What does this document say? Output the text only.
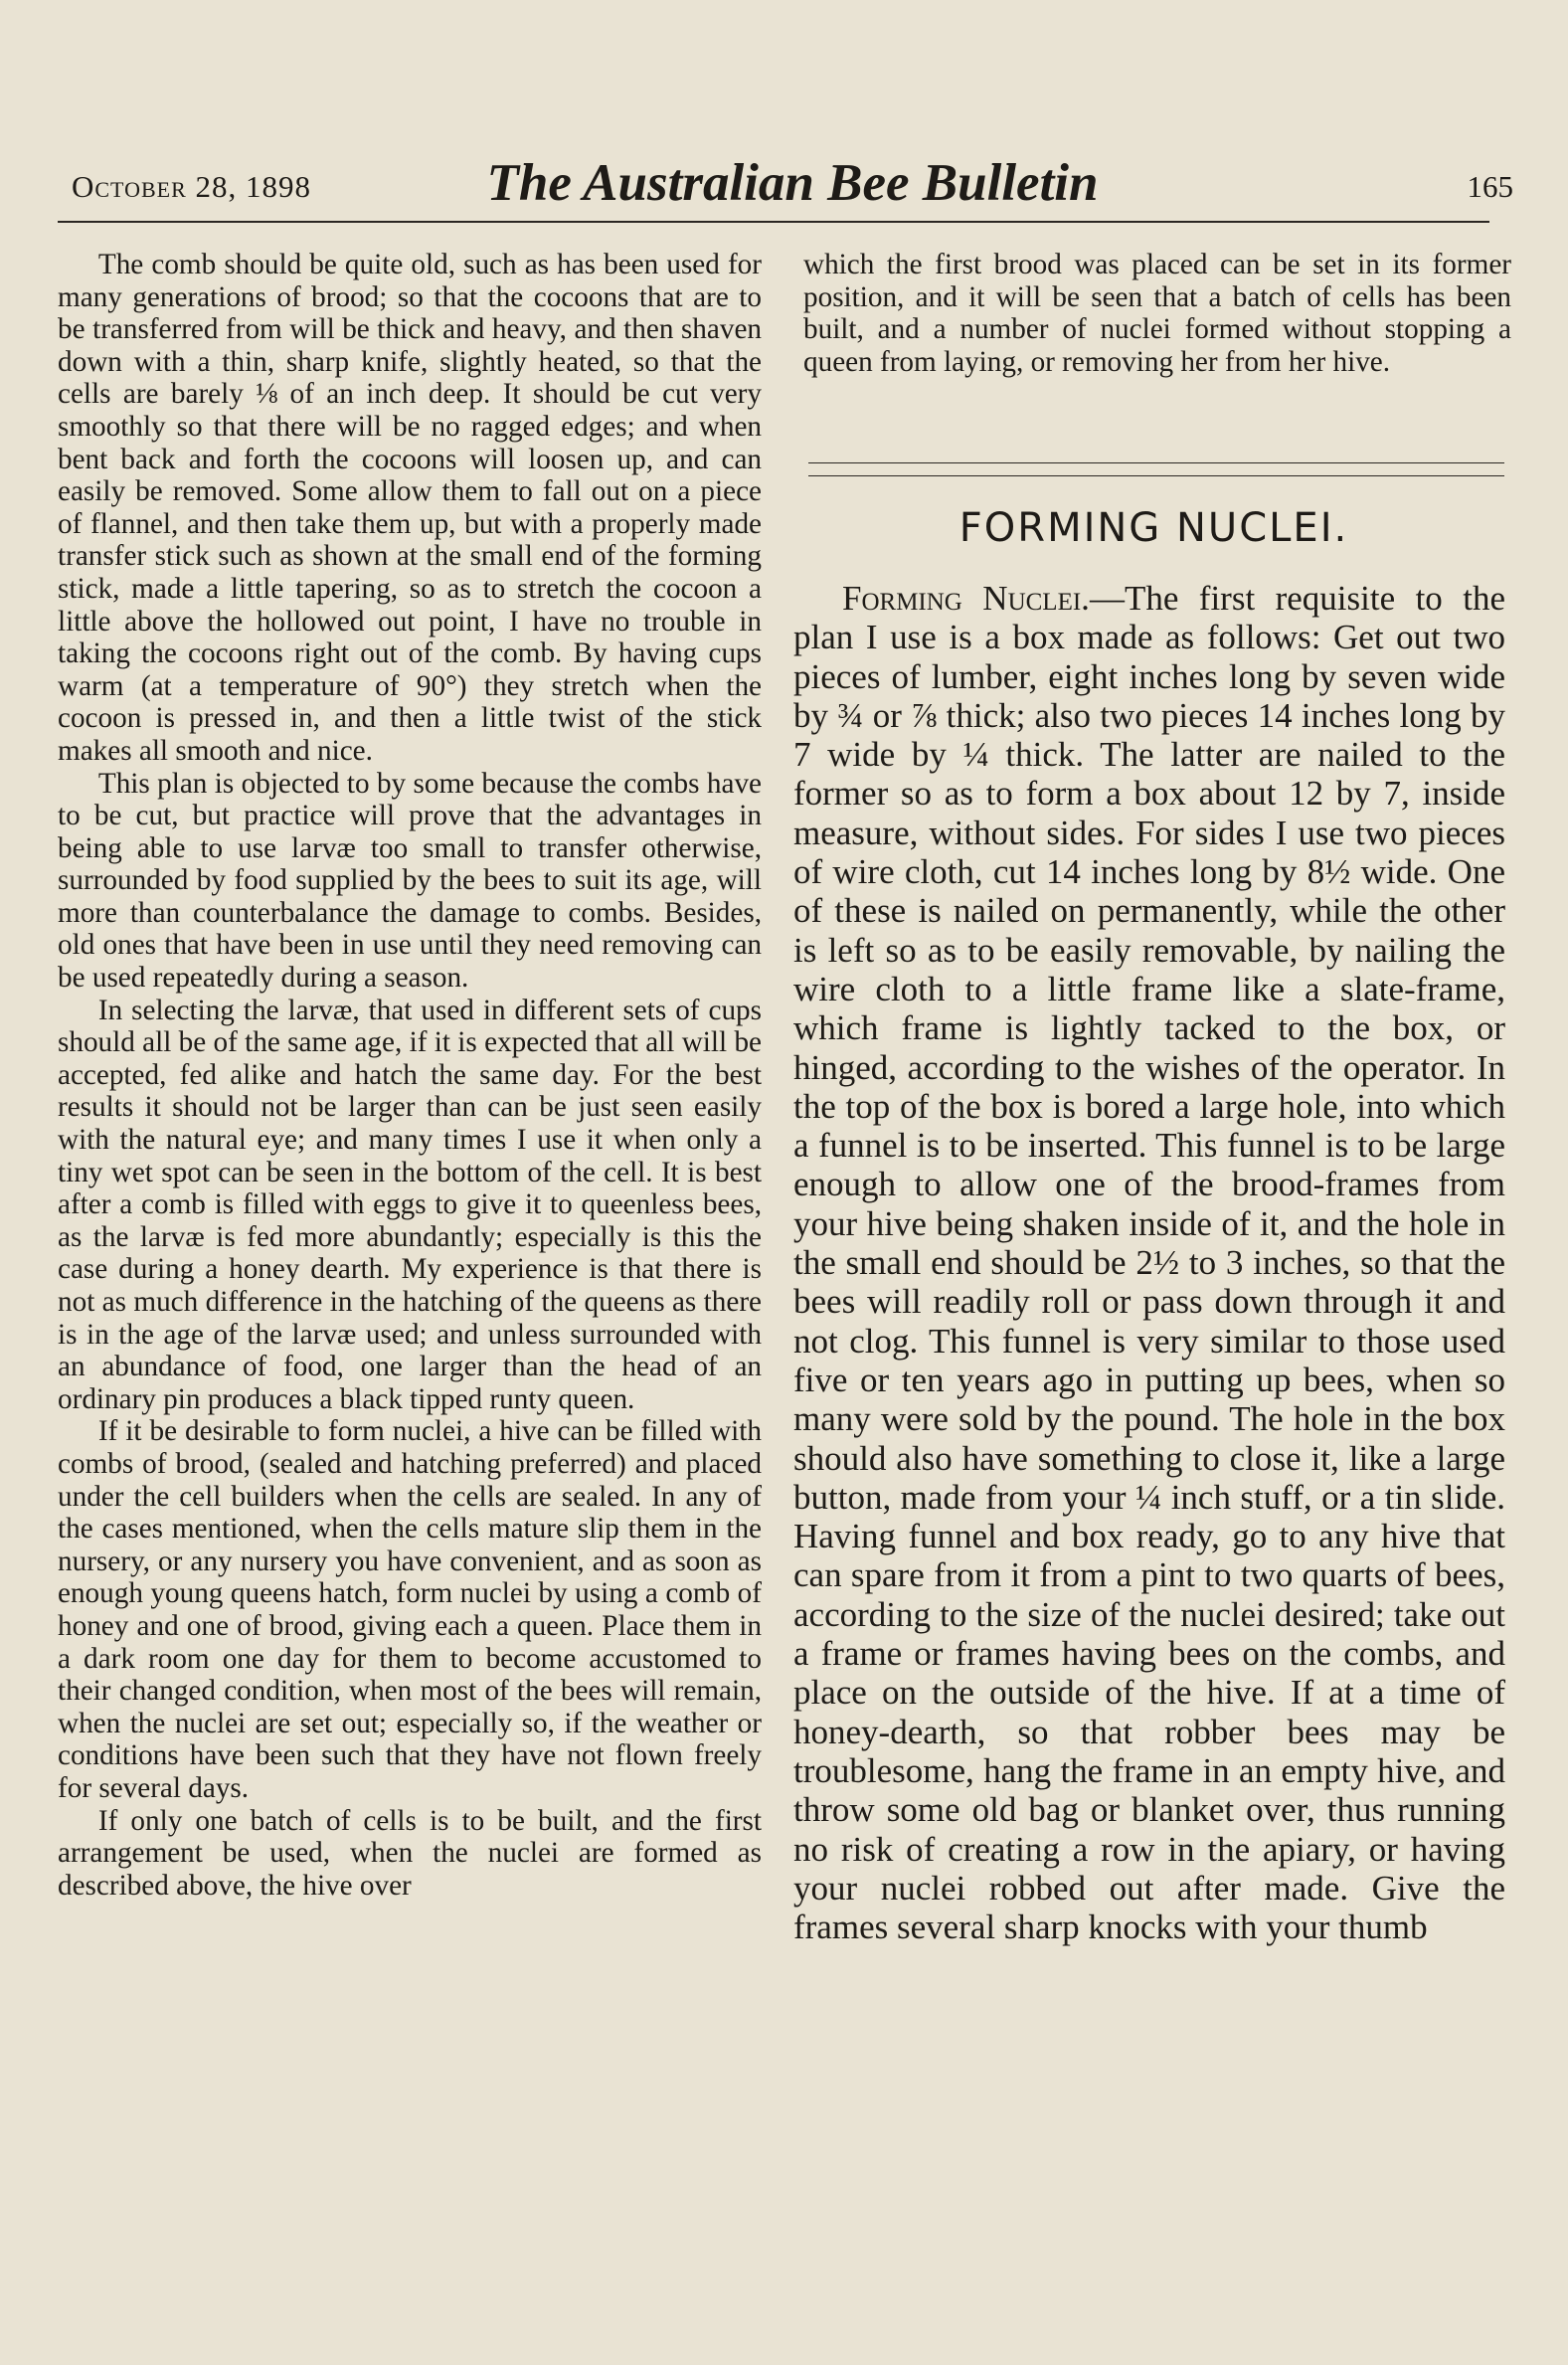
October 28, 1898	The Australian Bee Bulletin	165

The comb should be quite old, such as has been used for many generations of brood; so that the cocoons that are to be transferred from will be thick and heavy, and then shaven down with a thin, sharp knife, slightly heated, so that the cells are barely ⅛ of an inch deep. It should be cut very smoothly so that there will be no ragged edges; and when bent back and forth the cocoons will loosen up, and can easily be removed. Some allow them to fall out on a piece of flannel, and then take them up, but with a properly made transfer stick such as shown at the small end of the forming stick, made a little tapering, so as to stretch the cocoon a little above the hollowed out point, I have no trouble in taking the cocoons right out of the comb. By having cups warm (at a temperature of 90°) they stretch when the cocoon is pressed in, and then a little twist of the stick makes all smooth and nice.

This plan is objected to by some because the combs have to be cut, but practice will prove that the advantages in being able to use larvæ too small to transfer otherwise, surrounded by food supplied by the bees to suit its age, will more than counterbalance the damage to combs. Besides, old ones that have been in use until they need removing can be used repeatedly during a season.

In selecting the larvæ, that used in different sets of cups should all be of the same age, if it is expected that all will be accepted, fed alike and hatch the same day. For the best results it should not be larger than can be just seen easily with the natural eye; and many times I use it when only a tiny wet spot can be seen in the bottom of the cell. It is best after a comb is filled with eggs to give it to queenless bees, as the larvæ is fed more abundantly; especially is this the case during a honey dearth. My experience is that there is not as much difference in the hatching of the queens as there is in the age of the larvæ used; and unless surrounded with an abundance of food, one larger than the head of an ordinary pin produces a black tipped runty queen.

If it be desirable to form nuclei, a hive can be filled with combs of brood, (sealed and hatching preferred) and placed under the cell builders when the cells are sealed. In any of the cases mentioned, when the cells mature slip them in the nursery, or any nursery you have convenient, and as soon as enough young queens hatch, form nuclei by using a comb of honey and one of brood, giving each a queen. Place them in a dark room one day for them to become accustomed to their changed condition, when most of the bees will remain, when the nuclei are set out; especially so, if the weather or conditions have been such that they have not flown freely for several days.

If only one batch of cells is to be built, and the first arrangement be used, when the nuclei are formed as described above, the hive over

which the first brood was placed can be set in its former position, and it will be seen that a batch of cells has been built, and a number of nuclei formed without stopping a queen from laying, or removing her from her hive.

FORMING NUCLEI.

Forming Nuclei.—The first requisite to the plan I use is a box made as follows: Get out two pieces of lumber, eight inches long by seven wide by ¾ or ⅞ thick; also two pieces 14 inches long by 7 wide by ¼ thick. The latter are nailed to the former so as to form a box about 12 by 7, inside measure, without sides. For sides I use two pieces of wire cloth, cut 14 inches long by 8½ wide. One of these is nailed on permanently, while the other is left so as to be easily removable, by nailing the wire cloth to a little frame like a slate-frame, which frame is lightly tacked to the box, or hinged, according to the wishes of the operator. In the top of the box is bored a large hole, into which a funnel is to be inserted. This funnel is to be large enough to allow one of the brood-frames from your hive being shaken inside of it, and the hole in the small end should be 2½ to 3 inches, so that the bees will readily roll or pass down through it and not clog. This funnel is very similar to those used five or ten years ago in putting up bees, when so many were sold by the pound. The hole in the box should also have something to close it, like a large button, made from your ¼ inch stuff, or a tin slide. Having funnel and box ready, go to any hive that can spare from it from a pint to two quarts of bees, according to the size of the nuclei desired; take out a frame or frames having bees on the combs, and place on the outside of the hive. If at a time of honey-dearth, so that robber bees may be troublesome, hang the frame in an empty hive, and throw some old bag or blanket over, thus running no risk of creating a row in the apiary, or having your nuclei robbed out after made. Give the frames several sharp knocks with your thumb
